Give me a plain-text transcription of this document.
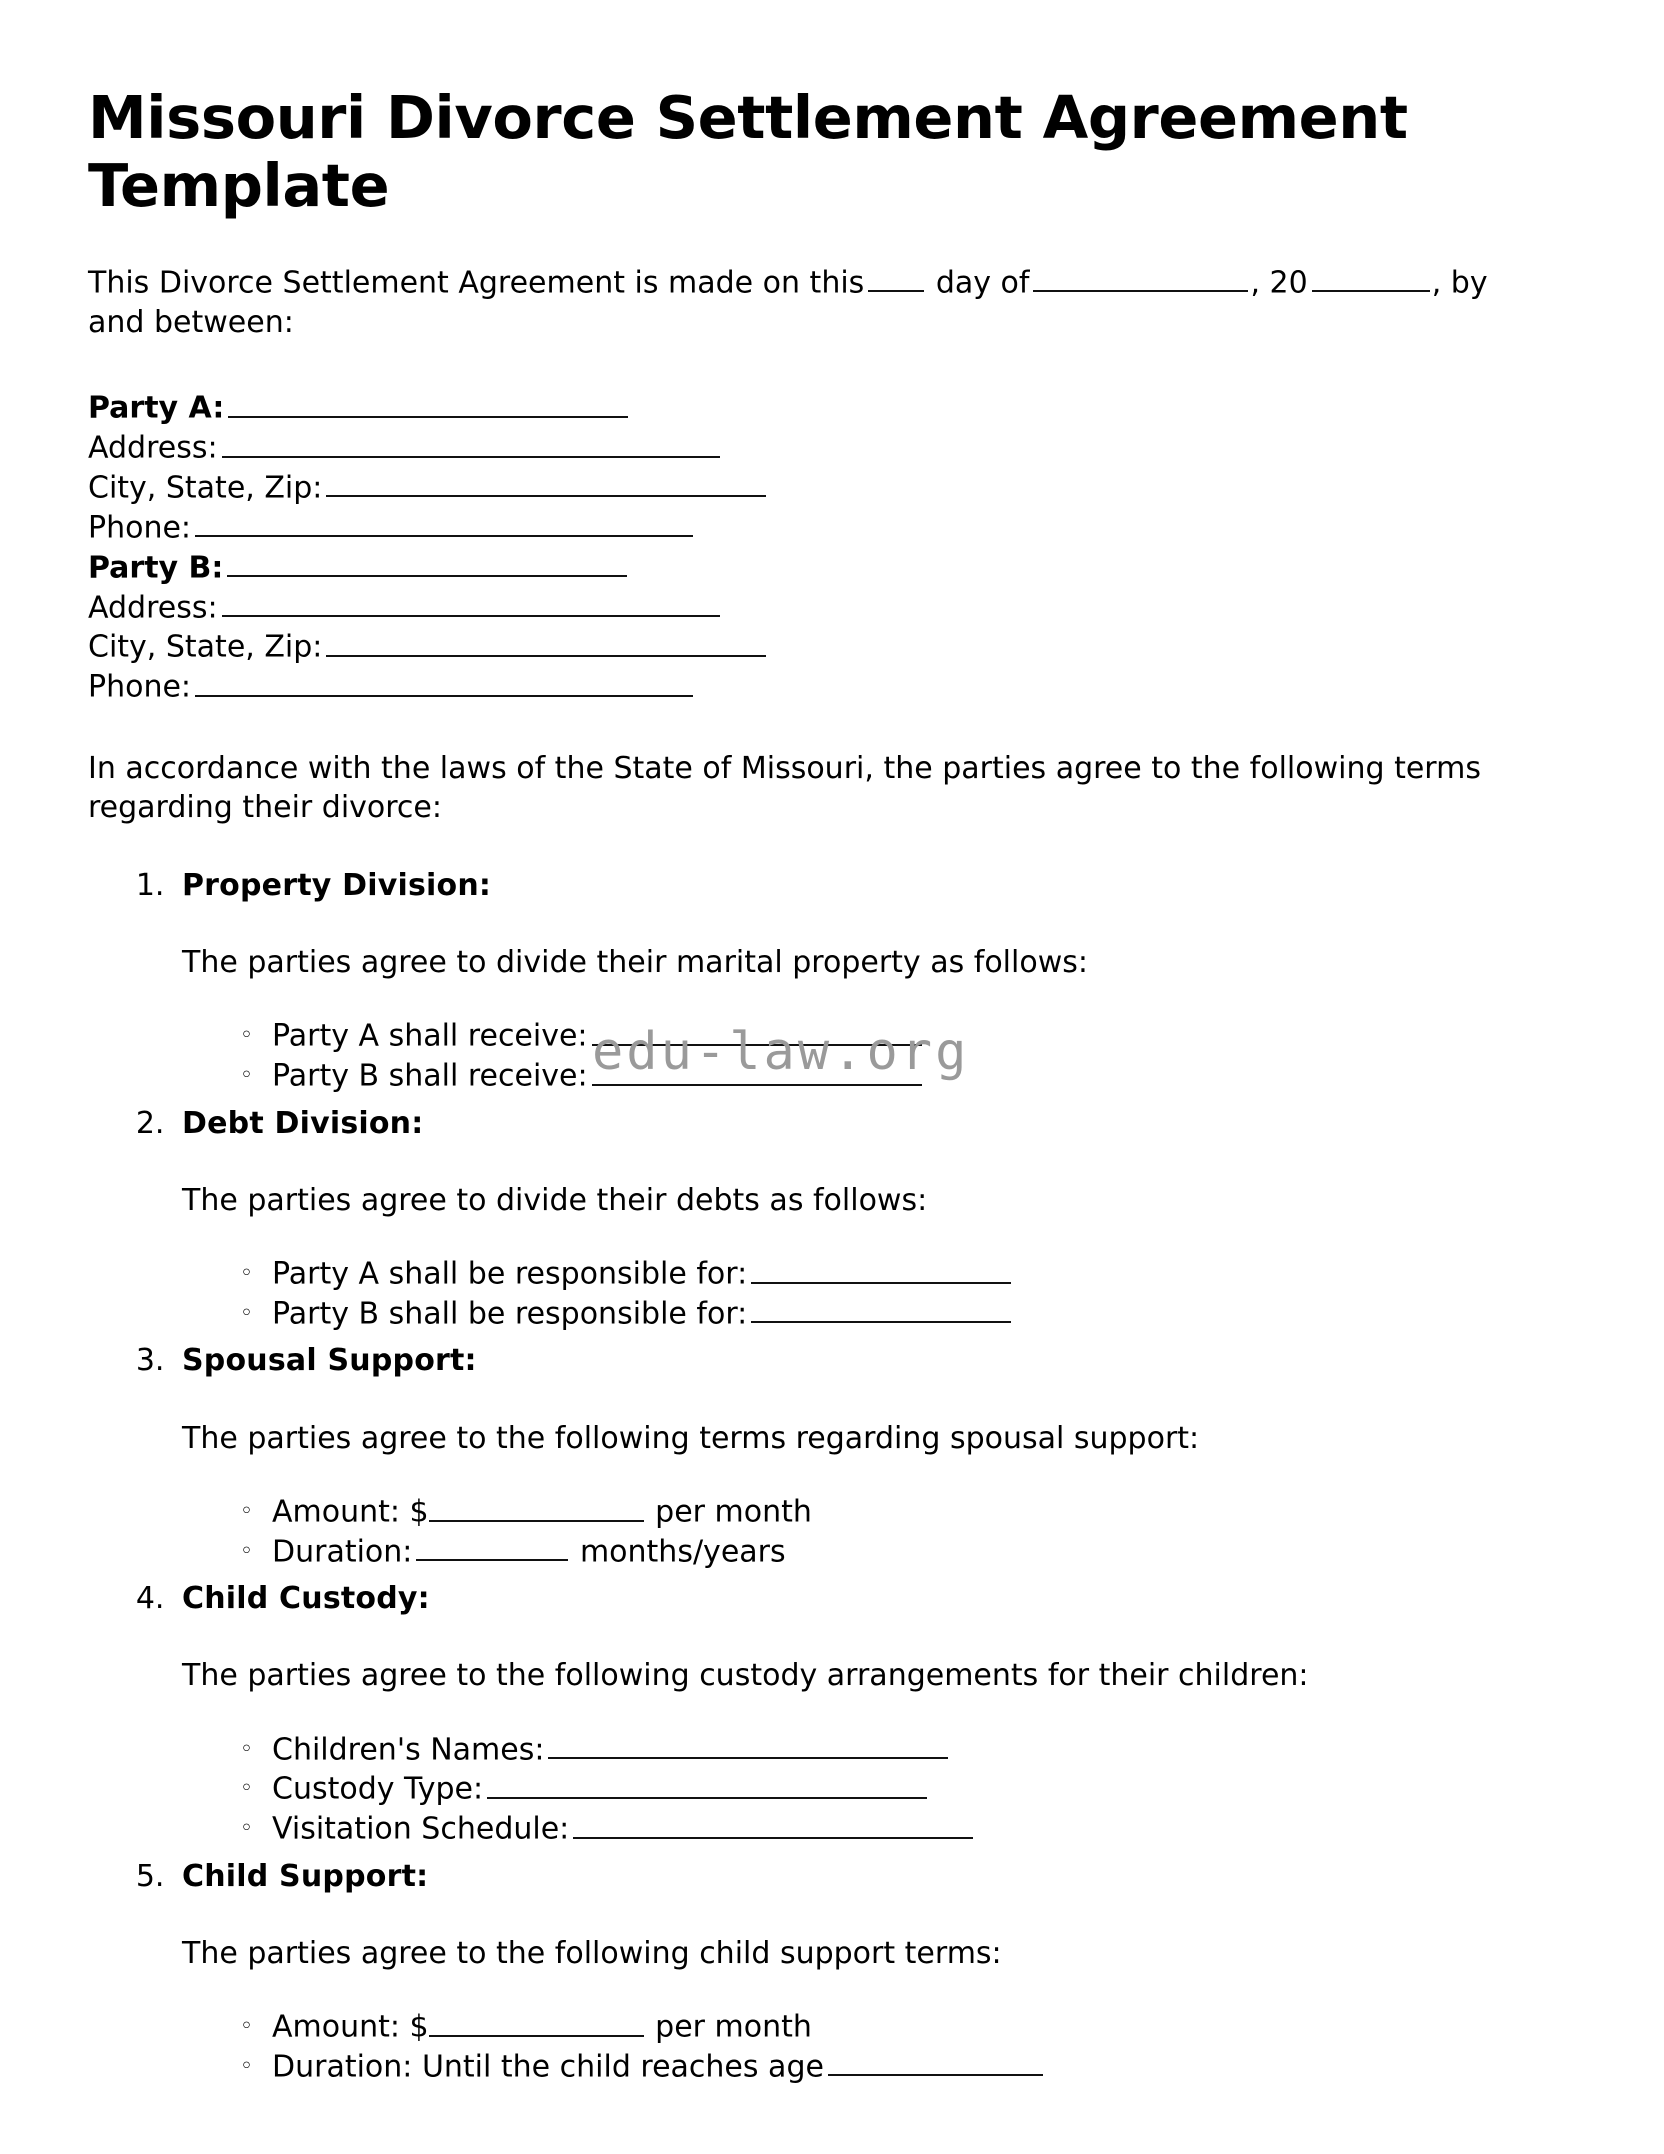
Missouri Divorce Settlement Agreement Template

This Divorce Settlement Agreement is made on this day of	, 20	, by and between:

Party A:
Address:
City, State, Zip:
Phone:
Party B:
Address:
City, State, Zip:
Phone:

In accordance with the laws of the State of Missouri, the parties agree to the following terms regarding their divorce:

1. Property Division:
The parties agree to divide their marital property as follows:
◦ Party A shall receive:
◦ Party B shall receive:
2. Debt Division:
The parties agree to divide their debts as follows:
◦ Party A shall be responsible for:
◦ Party B shall be responsible for:
3. Spousal Support:
The parties agree to the following terms regarding spousal support:
◦ Amount: $	per month
◦ Duration:	months/years
4. Child Custody:
The parties agree to the following custody arrangements for their children:
◦ Children's Names:
◦ Custody Type:
◦ Visitation Schedule:
5. Child Support:
The parties agree to the following child support terms:
◦ Amount: $	per month
◦ Duration: Until the child reaches age
edu-law.org
